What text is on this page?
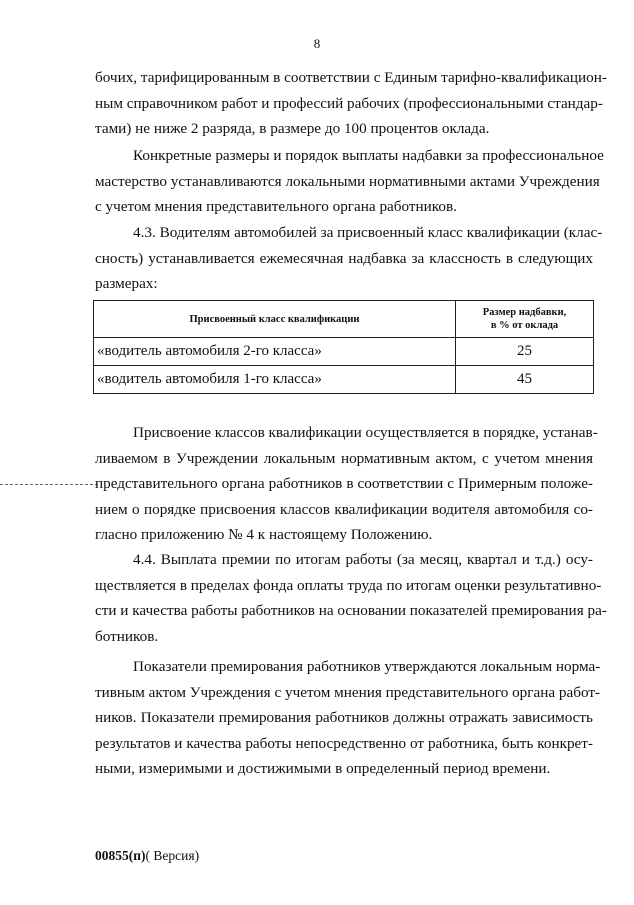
8

бочих, тарифицированным в соответствии с Единым тарифно-квалификацион-
ным справочником работ и профессий рабочих (профессиональными стандар-
тами) не ниже 2 разряда, в размере до 100 процентов оклада.

Конкретные размеры и порядок выплаты надбавки за профессиональное
мастерство устанавливаются локальными нормативными актами Учреждения
с учетом мнения представительного органа работников.

4.3. Водителям автомобилей за присвоенный класс квалификации (клас-
сность) устанавливается ежемесячная надбавка за классность в следующих
размерах:

Присвоенный класс квалификации	Размер надбавки,
в % от оклада
«водитель автомобиля 2-го класса»	25
«водитель автомобиля 1-го класса»	45

Присвоение классов квалификации осуществляется в порядке, устанав-
ливаемом в Учреждении локальным нормативным актом, с учетом мнения
представительного органа работников в соответствии с Примерным положе-
нием о порядке присвоения классов квалификации водителя автомобиля со-
гласно приложению № 4 к настоящему Положению.

4.4. Выплата премии по итогам работы (за месяц, квартал и т.д.) осу-
ществляется в пределах фонда оплаты труда по итогам оценки результативно-
сти и качества работы работников на основании показателей премирования ра-
ботников.

Показатели премирования работников утверждаются локальным норма-
тивным актом Учреждения с учетом мнения представительного органа работ-
ников. Показатели премирования работников должны отражать зависимость
результатов и качества работы непосредственно от работника, быть конкрет-
ными, измеримыми и достижимыми в определенный период времени.

00855(п)( Версия)
